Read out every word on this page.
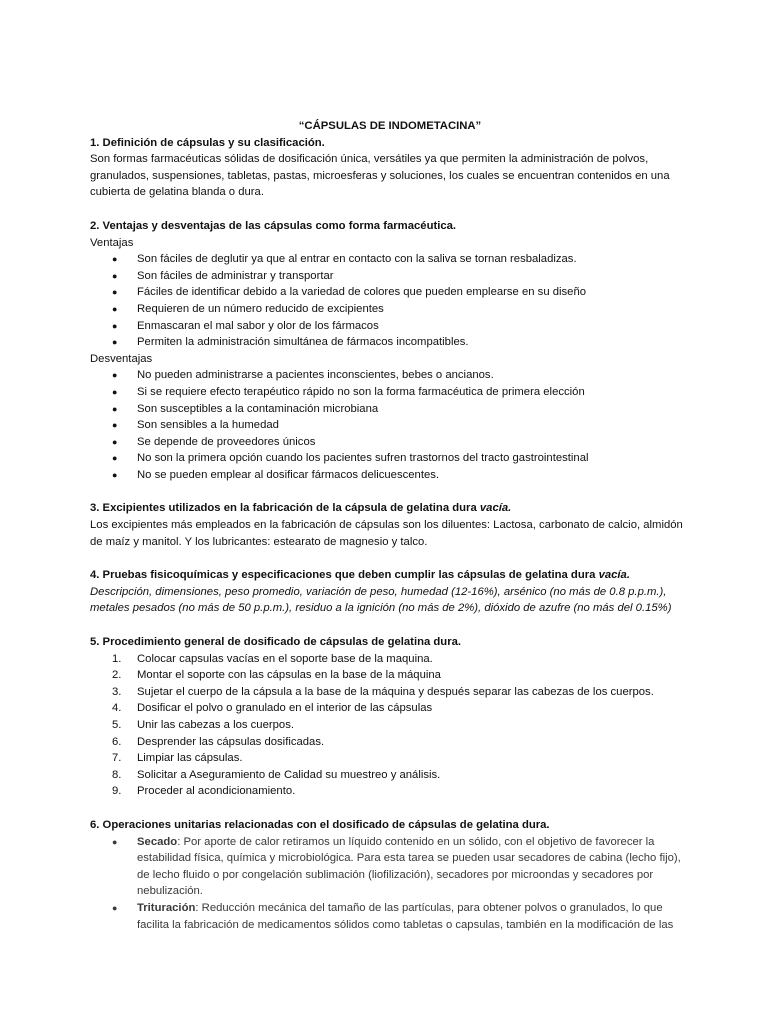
“CÁPSULAS DE INDOMETACINA”

1. Definición de cápsulas y su clasificación.

Son formas farmacéuticas sólidas de dosificación única, versátiles ya que permiten la administración de polvos, granulados, suspensiones, tabletas, pastas, microesferas y soluciones, los cuales se encuentran contenidos en una cubierta de gelatina blanda o dura.

2. Ventajas y desventajas de las cápsulas como forma farmacéutica.

Ventajas

● Son fáciles de deglutir ya que al entrar en contacto con la saliva se tornan resbaladizas.
● Son fáciles de administrar y transportar
● Fáciles de identificar debido a la variedad de colores que pueden emplearse en su diseño
● Requieren de un número reducido de excipientes
● Enmascaran el mal sabor y olor de los fármacos
● Permiten la administración simultánea de fármacos incompatibles.

Desventajas

● No pueden administrarse a pacientes inconscientes, bebes o ancianos.
● Si se requiere efecto terapéutico rápido no son la forma farmacéutica de primera elección
● Son susceptibles a la contaminación microbiana
● Son sensibles a la humedad
● Se depende de proveedores únicos
● No son la primera opción cuando los pacientes sufren trastornos del tracto gastrointestinal
● No se pueden emplear al dosificar fármacos delicuescentes.

3. Excipientes utilizados en la fabricación de la cápsula de gelatina dura vacía.

Los excipientes más empleados en la fabricación de cápsulas son los diluentes: Lactosa, carbonato de calcio, almidón de maíz y manitol. Y los lubricantes: estearato de magnesio y talco.

4. Pruebas fisicoquímicas y especificaciones que deben cumplir las cápsulas de gelatina dura vacía.

Descripción, dimensiones, peso promedio, variación de peso, humedad (12-16%), arsénico (no más de 0.8 p.p.m.), metales pesados (no más de 50 p.p.m.), residuo a la ignición (no más de 2%), dióxido de azufre (no más del 0.15%)

5. Procedimiento general de dosificado de cápsulas de gelatina dura.

1. Colocar capsulas vacías en el soporte base de la maquina.
2. Montar el soporte con las cápsulas en la base de la máquina
3. Sujetar el cuerpo de la cápsula a la base de la máquina y después separar las cabezas de los cuerpos.
4. Dosificar el polvo o granulado en el interior de las cápsulas
5. Unir las cabezas a los cuerpos.
6. Desprender las cápsulas dosificadas.
7. Limpiar las cápsulas.
8. Solicitar a Aseguramiento de Calidad su muestreo y análisis.
9. Proceder al acondicionamiento.

6. Operaciones unitarias relacionadas con el dosificado de cápsulas de gelatina dura.

● Secado: Por aporte de calor retiramos un líquido contenido en un sólido, con el objetivo de favorecer la estabilidad física, química y microbiológica. Para esta tarea se pueden usar secadores de cabina (lecho fijo), de lecho fluido o por congelación sublimación (liofilización), secadores por microondas y secadores por nebulización.
● Trituración: Reducción mecánica del tamaño de las partículas, para obtener polvos o granulados, lo que facilita la fabricación de medicamentos sólidos como tabletas o capsulas, también en la modificación de las
